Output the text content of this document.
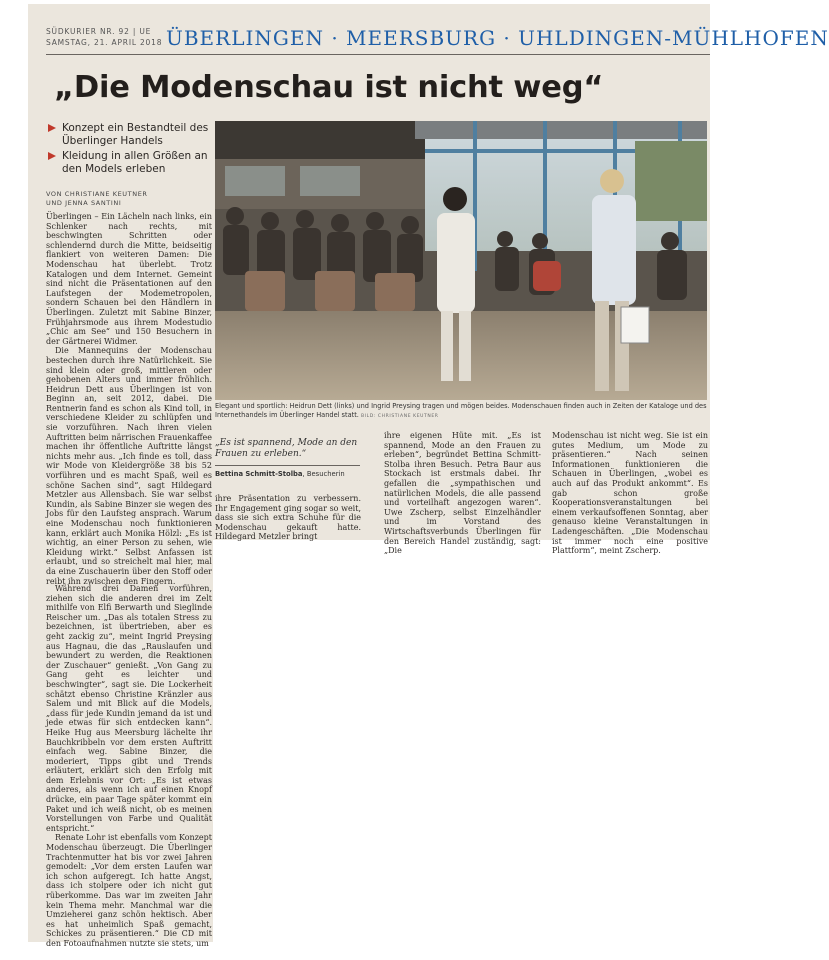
SÜDKURIER NR. 92 | UE
SAMSTAG, 21. APRIL 2018 ÜBERLINGEN · MEERSBURG · UHLDINGEN-MÜHLHOFEN
„Die Modenschau ist nicht weg“
Konzept ein Bestandteil des Überlinger Handels
Kleidung in allen Größen an den Models erleben
VON CHRISTIANE KEUTNER
UND JENNA SANTINI

Überlingen – Ein Lächeln nach links, ein Schlenker nach rechts, mit beschwingten Schritten oder schlendernd durch die Mitte, beidseitig flankiert von weiteren Damen: Die Modenschau hat überlebt. Trotz Katalogen und dem Internet. Gemeint sind nicht die Präsentationen auf den Laufstegen der Modemetropolen, sondern Schauen bei den Händlern in Überlingen. Zuletzt mit Sabine Binzer, Frühjahrsmode aus ihrem Modestudio „Chic am See“ und 150 Besuchern in der Gärtnerei Widmer.

Die Mannequins der Modenschau bestechen durch ihre Natürlichkeit. Sie sind klein oder groß, mittleren oder gehobenen Alters und immer fröhlich. Heidrun Dett aus Überlingen ist von Beginn an, seit 2012, dabei. Die Rentnerin fand es schon als Kind toll, in verschiedene Kleider zu schlüpfen und sie vorzuführen. Nach ihren vielen Auftritten beim närrischen Frauenkaffee machen ihr öffentliche Auftritte längst nichts mehr aus. „Ich finde es toll, dass wir Mode von Kleidergröße 38 bis 52 vorführen und es macht Spaß, weil es schöne Sachen sind“, sagt Hildegard Metzler aus Allensbach. Sie war selbst Kundin, als Sabine Binzer sie wegen des Jobs für den Laufsteg ansprach. Warum eine Modenschau noch funktionieren kann, erklärt auch Monika Hölzl: „Es ist wichtig, an einer Person zu sehen, wie Kleidung wirkt.“ Selbst Anfassen ist erlaubt, und so streichelt mal hier, mal da eine Zuschauerin über den Stoff oder reibt ihn zwischen den Fingern.

Während drei Damen vorführen, ziehen sich die anderen drei im Zelt mithilfe von Elfi Berwarth und Sieglinde Reischer um. „Das als totalen Stress zu bezeichnen, ist übertrieben, aber es geht zackig zu“, meint Ingrid Preysing aus Hagnau, die das „Rauslaufen und bewundert zu werden, die Reaktionen der Zuschauer“ genießt. „Von Gang zu Gang geht es leichter und beschwingter“, sagt sie. Die Lockerheit schätzt ebenso Christine Kränzler aus Salem und mit Blick auf die Models, „dass für jede Kundin jemand da ist und jede etwas für sich entdecken kann“. Heike Hug aus Meersburg lächelte ihr Bauchkribbeln vor dem ersten Auftritt einfach weg. Sabine Binzer, die moderiert, Tipps gibt und Trends erläutert, erklärt sich den Erfolg mit dem Erlebnis vor Ort: „Es ist etwas anderes, als wenn ich auf einen Knopf drücke, ein paar Tage später kommt ein Paket und ich weiß nicht, ob es meinen Vorstellungen von Farbe und Qualität entspricht.“

Renate Lohr ist ebenfalls vom Konzept Modenschau überzeugt. Die Überlinger Trachtenmutter hat bis vor zwei Jahren gemodelt: „Vor dem ersten Laufen war ich schon aufgeregt. Ich hatte Angst, dass ich stolpere oder ich nicht gut rüberkomme. Das war im zweiten Jahr kein Thema mehr. Manchmal war die Umzieherei ganz schön hektisch. Aber es hat unheimlich Spaß gemacht, Schickes zu präsentieren.“ Die CD mit den Fotoaufnahmen nutzte sie stets, um

Elegant und sportlich: Heidrun Dett (links) und Ingrid Preysing tragen und mögen beides. Modenschauen finden auch in Zeiten der Kataloge und des Internethandels im Überlinger Handel statt. BILD: CHRISTIANE KEUTNER
„Es ist spannend, Mode an den Frauen zu erleben.“
Bettina Schmitt-Stolba, Besucherin

ihre Präsentation zu verbessern. Ihr Engagement ging sogar so weit, dass sie sich extra Schuhe für die Modenschau gekauft hatte. Hildegard Metzler bringt

ihre eigenen Hüte mit. „Es ist spannend, Mode an den Frauen zu erleben“, begründet Bettina Schmitt-Stolba ihren Besuch. Petra Baur aus Stockach ist erstmals dabei. Ihr gefallen die „sympathischen und natürlichen Models, die alle passend und vorteilhaft angezogen waren“. Uwe Zscherp, selbst Einzelhändler und im Vorstand des Wirtschaftsverbunds Überlingen für den Bereich Handel zuständig, sagt: „Die

Modenschau ist nicht weg. Sie ist ein gutes Medium, um Mode zu präsentieren.“ Nach seinen Informationen funktionieren die Schauen in Überlingen, „wobei es auch auf das Produkt ankommt“. Es gab schon große Kooperationsveranstaltungen bei einem verkaufsoffenen Sonntag, aber genauso kleine Veranstaltungen in Ladengeschäften. „Die Modenschau ist immer noch eine positive Plattform“, meint Zscherp.
